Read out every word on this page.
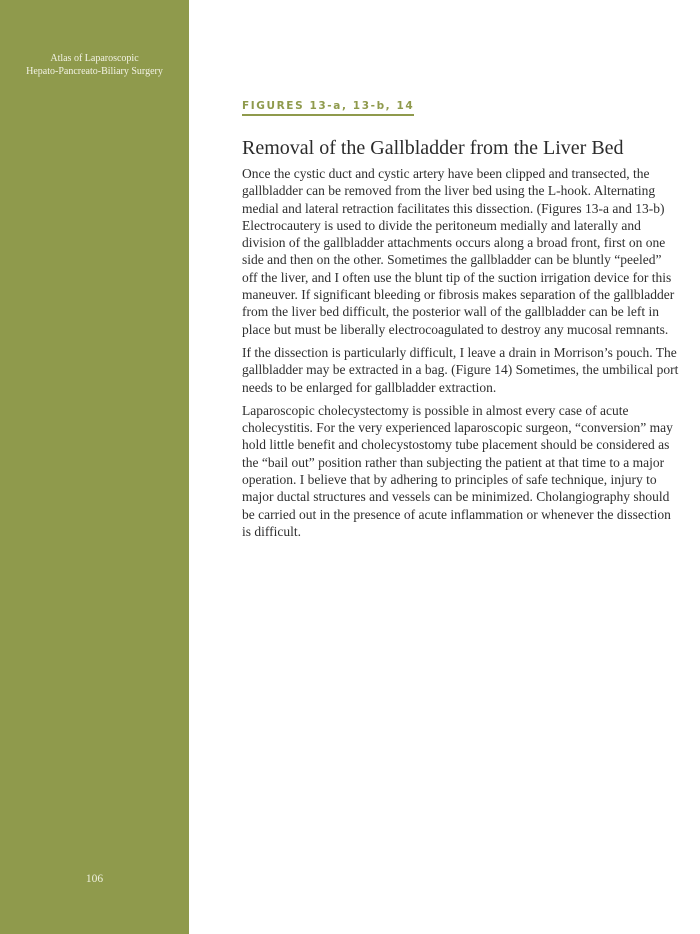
Atlas of Laparoscopic
Hepato-Pancreato-Biliary Surgery
106
FIGURES 13-a, 13-b, 14
Removal of the Gallbladder from the Liver Bed

Once the cystic duct and cystic artery have been clipped and transected, the gallbladder can be removed from the liver bed using the L-hook. Alternating medial and lateral retraction facilitates this dissection. (Figures 13-a and 13-b) Electrocautery is used to divide the peritoneum medially and laterally and division of the gallbladder attachments occurs along a broad front, first on one side and then on the other. Sometimes the gallbladder can be bluntly “peeled” off the liver, and I often use the blunt tip of the suction irrigation device for this maneuver. If significant bleeding or fibrosis makes separation of the gallbladder from the liver bed difficult, the posterior wall of the gallbladder can be left in place but must be liberally electrocoagulated to destroy any mucosal remnants.

If the dissection is particularly difficult, I leave a drain in Morrison’s pouch. The gallbladder may be extracted in a bag. (Figure 14) Sometimes, the umbilical port needs to be enlarged for gallbladder extraction.

Laparoscopic cholecystectomy is possible in almost every case of acute cholecystitis. For the very experienced laparoscopic surgeon, “conversion” may hold little benefit and cholecystostomy tube placement should be considered as the “bail out” position rather than subjecting the patient at that time to a major operation. I believe that by adhering to principles of safe technique, injury to major ductal structures and vessels can be minimized. Cholangiography should be carried out in the presence of acute inflammation or whenever the dissection is difficult.
